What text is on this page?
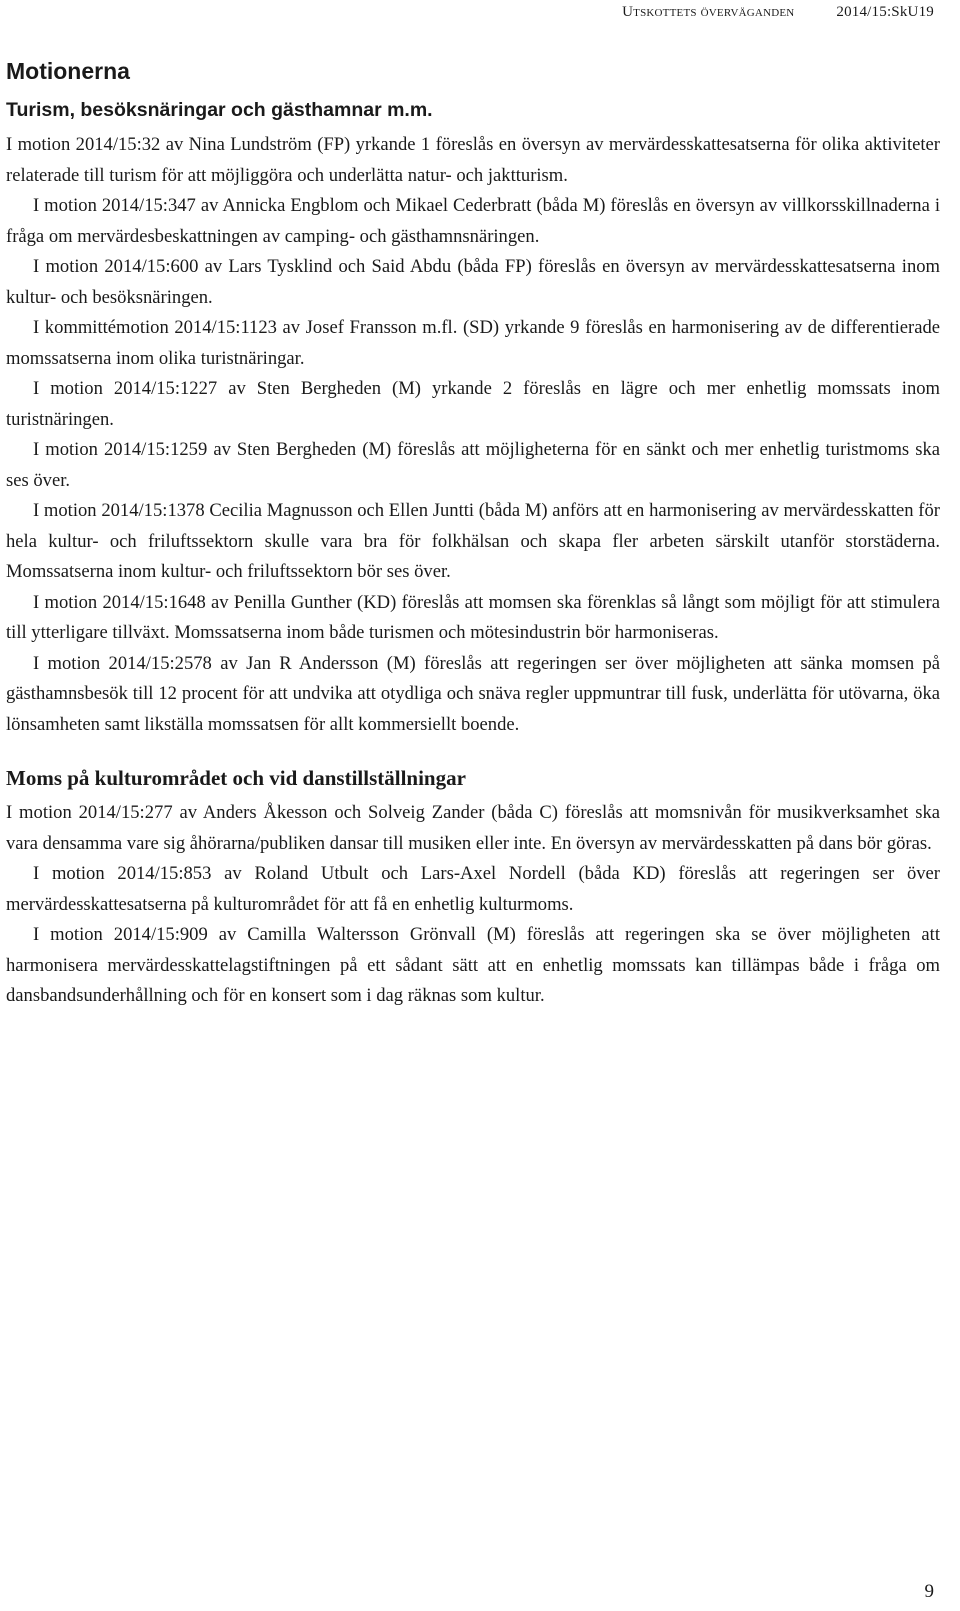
Utskottets överväganden	2014/15:SkU19
Motionerna
Turism, besöksnäringar och gästhamnar m.m.

I motion 2014/15:32 av Nina Lundström (FP) yrkande 1 föreslås en översyn av mervärdesskattesatserna för olika aktiviteter relaterade till turism för att möjliggöra och underlätta natur- och jaktturism.

I motion 2014/15:347 av Annicka Engblom och Mikael Cederbratt (båda M) föreslås en översyn av villkorsskillnaderna i fråga om mervärdesbeskattningen av camping- och gästhamnsnäringen.

I motion 2014/15:600 av Lars Tysklind och Said Abdu (båda FP) föreslås en översyn av mervärdesskattesatserna inom kultur- och besöksnäringen.

I kommittémotion 2014/15:1123 av Josef Fransson m.fl. (SD) yrkande 9 föreslås en harmonisering av de differentierade momssatserna inom olika turistnäringar.

I motion 2014/15:1227 av Sten Bergheden (M) yrkande 2 föreslås en lägre och mer enhetlig momssats inom turistnäringen.

I motion 2014/15:1259 av Sten Bergheden (M) föreslås att möjligheterna för en sänkt och mer enhetlig turistmoms ska ses över.

I motion 2014/15:1378 Cecilia Magnusson och Ellen Juntti (båda M) anförs att en harmonisering av mervärdesskatten för hela kultur- och friluftssektorn skulle vara bra för folkhälsan och skapa fler arbeten särskilt utanför storstäderna. Momssatserna inom kultur- och friluftssektorn bör ses över.

I motion 2014/15:1648 av Penilla Gunther (KD) föreslås att momsen ska förenklas så långt som möjligt för att stimulera till ytterligare tillväxt. Momssatserna inom både turismen och mötesindustrin bör harmoniseras.

I motion 2014/15:2578 av Jan R Andersson (M) föreslås att regeringen ser över möjligheten att sänka momsen på gästhamnsbesök till 12 procent för att undvika att otydliga och snäva regler uppmuntrar till fusk, underlätta för utövarna, öka lönsamheten samt likställa momssatsen för allt kommersiellt boende.

Moms på kulturområdet och vid danstillställningar

I motion 2014/15:277 av Anders Åkesson och Solveig Zander (båda C) föreslås att momsnivån för musikverksamhet ska vara densamma vare sig åhörarna/publiken dansar till musiken eller inte. En översyn av mervärdesskatten på dans bör göras.

I motion 2014/15:853 av Roland Utbult och Lars-Axel Nordell (båda KD) föreslås att regeringen ser över mervärdesskattesatserna på kulturområdet för att få en enhetlig kulturmoms.

I motion 2014/15:909 av Camilla Waltersson Grönvall (M) föreslås att regeringen ska se över möjligheten att harmonisera mervärdesskattelagstiftningen på ett sådant sätt att en enhetlig momssats kan tillämpas både i fråga om dansbandsunderhållning och för en konsert som i dag räknas som kultur.

9
